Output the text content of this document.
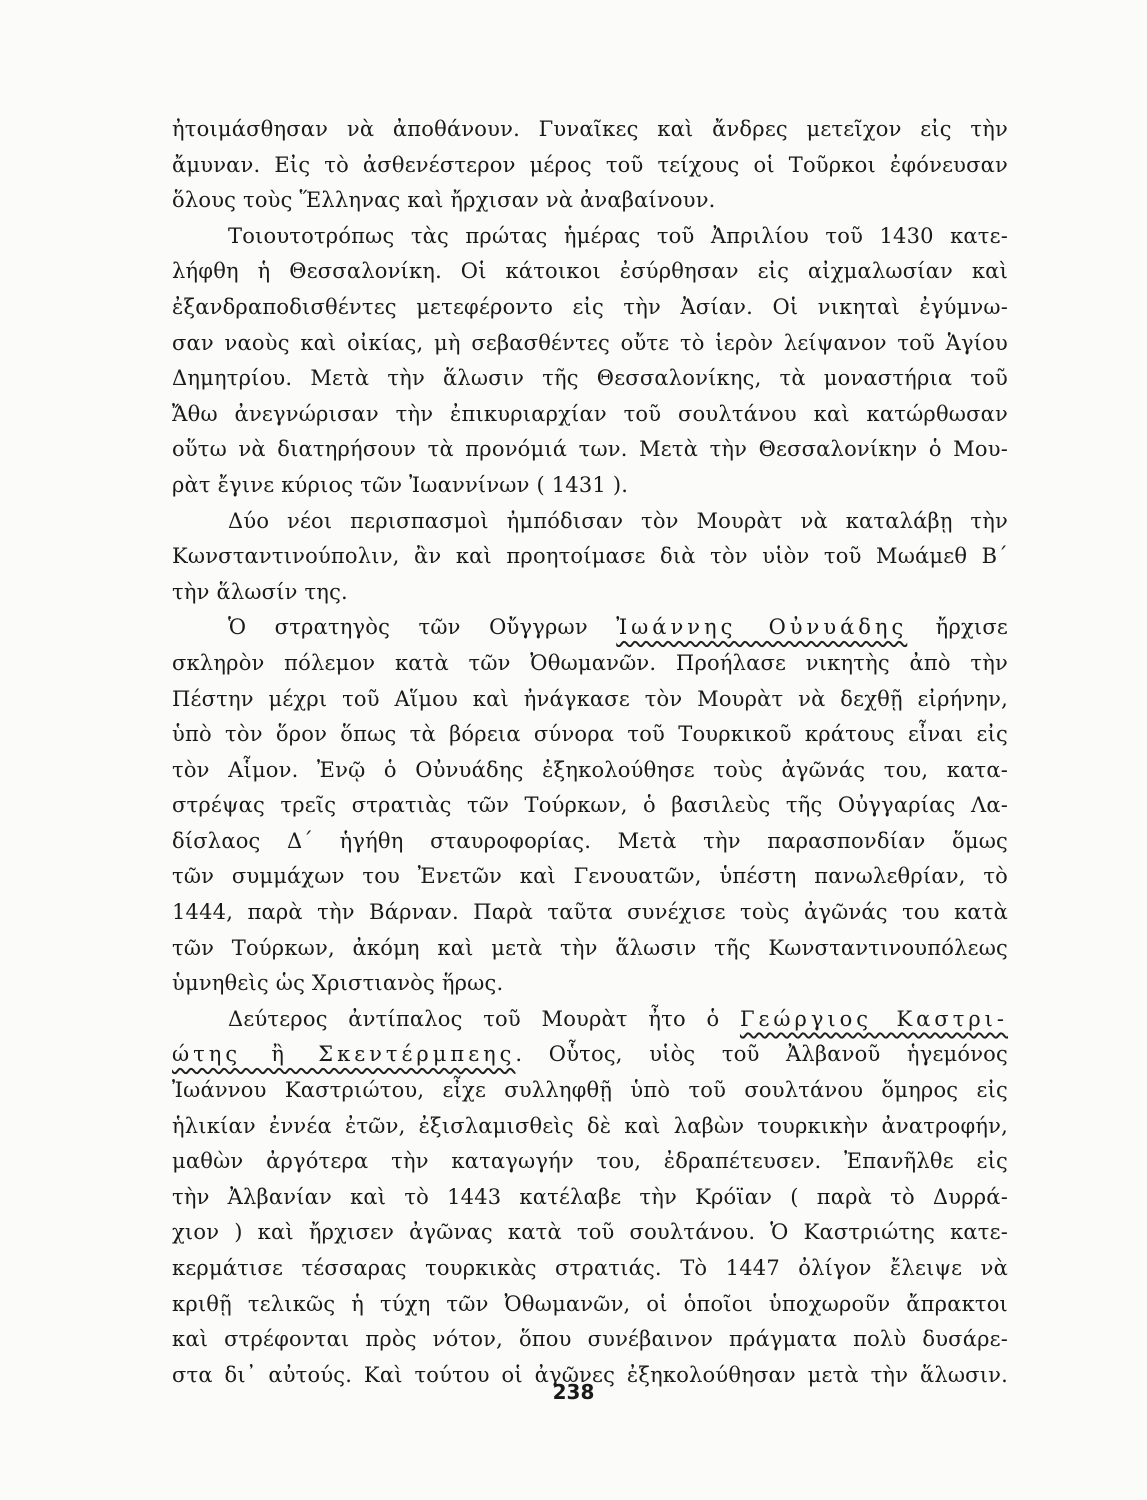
ἠτοιμάσθησαν νὰ ἀποθάνουν. Γυναῖκες καὶ ἄνδρες μετεῖχον εἰς τὴν
ἄμυναν. Εἰς τὸ ἀσθενέστερον μέρος τοῦ τείχους οἱ Τοῦρκοι ἐφόνευσαν
ὅλους τοὺς Ἕλληνας καὶ ἤρχισαν νὰ ἀναβαίνουν.
Τοιουτοτρόπως τὰς πρώτας ἡμέρας τοῦ Ἀπριλίου τοῦ 1430 κατε-
λήφθη ἡ Θεσσαλονίκη. Οἱ κάτοικοι ἐσύρθησαν εἰς αἰχμαλωσίαν καὶ
ἐξανδραποδισθέντες μετεφέροντο εἰς τὴν Ἀσίαν. Οἱ νικηταὶ ἐγύμνω-
σαν ναοὺς καὶ οἰκίας, μὴ σεβασθέντες οὔτε τὸ ἱερὸν λείψανον τοῦ Ἁγίου
Δημητρίου. Μετὰ τὴν ἅλωσιν τῆς Θεσσαλονίκης, τὰ μοναστήρια τοῦ
Ἄθω ἀνεγνώρισαν τὴν ἐπικυριαρχίαν τοῦ σουλτάνου καὶ κατώρθωσαν
οὕτω νὰ διατηρήσουν τὰ προνόμιά των. Μετὰ τὴν Θεσσαλονίκην ὁ Μου-
ρὰτ ἔγινε κύριος τῶν Ἰωαννίνων ( 1431 ).
Δύο νέοι περισπασμοὶ ἠμπόδισαν τὸν Μουρὰτ νὰ καταλάβῃ τὴν
Κωνσταντινούπολιν, ἂν καὶ προητοίμασε διὰ τὸν υἱὸν τοῦ Μωάμεθ Β´
τὴν ἅλωσίν της.
Ὁ στρατηγὸς τῶν Οὔγγρων Ἰωάννης Οὐνυάδης ἤρχισε
σκληρὸν πόλεμον κατὰ τῶν Ὀθωμανῶν. Προήλασε νικητὴς ἀπὸ τὴν
Πέστην μέχρι τοῦ Αἵμου καὶ ἠνάγκασε τὸν Μουρὰτ νὰ δεχθῇ εἰρήνην,
ὑπὸ τὸν ὅρον ὅπως τὰ βόρεια σύνορα τοῦ Τουρκικοῦ κράτους εἶναι εἰς
τὸν Αἷμον. Ἐνῷ ὁ Οὐνυάδης ἐξηκολούθησε τοὺς ἀγῶνάς του, κατα-
στρέψας τρεῖς στρατιὰς τῶν Τούρκων, ὁ βασιλεὺς τῆς Οὐγγαρίας Λα-
δίσλαος Δ´ ἡγήθη σταυροφορίας. Μετὰ τὴν παρασπονδίαν ὅμως
τῶν συμμάχων του Ἐνετῶν καὶ Γενουατῶν, ὑπέστη πανωλεθρίαν, τὸ
1444, παρὰ τὴν Βάρναν. Παρὰ ταῦτα συνέχισε τοὺς ἀγῶνάς του κατὰ
τῶν Τούρκων, ἀκόμη καὶ μετὰ τὴν ἅλωσιν τῆς Κωνσταντινουπόλεως
ὑμνηθεὶς ὡς Χριστιανὸς ἥρως.
Δεύτερος ἀντίπαλος τοῦ Μουρὰτ ἦτο ὁ Γεώργιος Καστρι-
ώτης ἢ Σκεντέρμπεης. Οὗτος, υἱὸς τοῦ Ἀλβανοῦ ἡγεμόνος
Ἰωάννου Καστριώτου, εἶχε συλληφθῇ ὑπὸ τοῦ σουλτάνου ὅμηρος εἰς
ἡλικίαν ἐννέα ἐτῶν, ἐξισλαμισθεὶς δὲ καὶ λαβὼν τουρκικὴν ἀνατροφήν,
μαθὼν ἀργότερα τὴν καταγωγήν του, ἐδραπέτευσεν. Ἐπανῆλθε εἰς
τὴν Ἀλβανίαν καὶ τὸ 1443 κατέλαβε τὴν Κρόϊαν ( παρὰ τὸ Δυρρά-
χιον ) καὶ ἤρχισεν ἀγῶνας κατὰ τοῦ σουλτάνου. Ὁ Καστριώτης κατε-
κερμάτισε τέσσαρας τουρκικὰς στρατιάς. Τὸ 1447 ὀλίγον ἔλειψε νὰ
κριθῇ τελικῶς ἡ τύχη τῶν Ὀθωμανῶν, οἱ ὁποῖοι ὑποχωροῦν ἄπρακτοι
καὶ στρέφονται πρὸς νότον, ὅπου συνέβαινον πράγματα πολὺ δυσάρε-
στα δι᾿ αὐτούς. Καὶ τούτου οἱ ἀγῶνες ἐξηκολούθησαν μετὰ τὴν ἅλωσιν.
238
